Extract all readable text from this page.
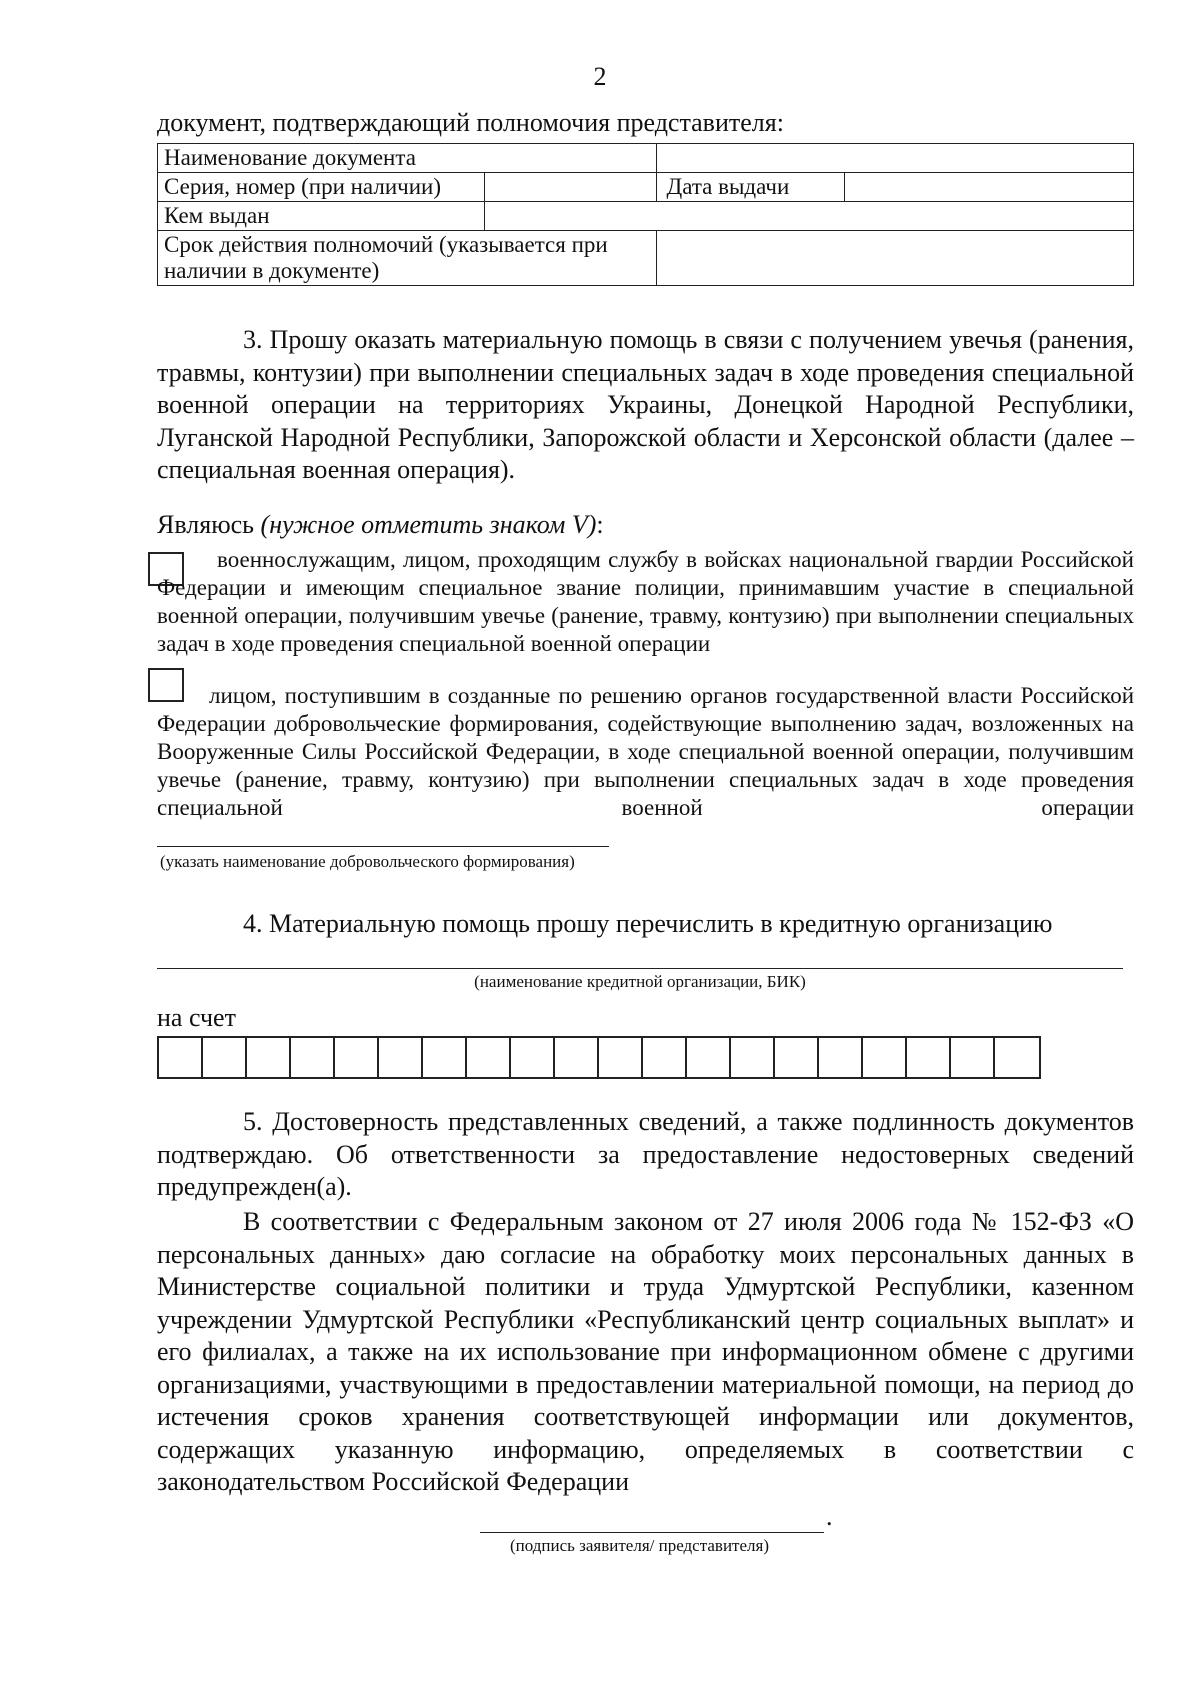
2
документ, подтверждающий полномочия представителя:
Наименование документа			
Серия, номер (при наличии)		Дата выдачи	
Кем выдан			
Срок действия полномочий (указывается при наличии в документе)			
3. Прошу оказать материальную помощь в связи с получением увечья (ранения, травмы, контузии) при выполнении специальных задач в ходе проведения специальной военной операции на территориях Украины, Донецкой Народной Республики, Луганской Народной Республики, Запорожской области и Херсонской области (далее – специальная военная операция).
Являюсь (нужное отметить знаком V):
военнослужащим, лицом, проходящим службу в войсках национальной гвардии Российской Федерации и имеющим специальное звание полиции, принимавшим участие в специальной военной операции, получившим увечье (ранение, травму, контузию) при выполнении специальных задач в ходе проведения специальной военной операции
лицом, поступившим в созданные по решению органов государственной власти Российской Федерации добровольческие формирования, содействующие выполнению задач, возложенных на Вооруженные Силы Российской Федерации, в ходе специальной военной операции, получившим увечье (ранение, травму, контузию) при выполнении специальных задач в ходе проведения специальной военной операции
(указать наименование добровольческого формирования)
4. Материальную помощь прошу перечислить в кредитную организацию
(наименование кредитной организации, БИК)
на счет
5. Достоверность представленных сведений, а также подлинность документов подтверждаю. Об ответственности за предоставление недостоверных сведений предупрежден(а).
В соответствии с Федеральным законом от 27 июля 2006 года № 152-ФЗ «О персональных данных» даю согласие на обработку моих персональных данных в Министерстве социальной политики и труда Удмуртской Республики, казенном учреждении Удмуртской Республики «Республиканский центр социальных выплат» и его филиалах, а также на их использование при информационном обмене с другими организациями, участвующими в предоставлении материальной помощи, на период до истечения сроков хранения соответствующей информации или документов, содержащих указанную информацию, определяемых в соответствии с законодательством Российской Федерации
.
(подпись заявителя/ представителя)
